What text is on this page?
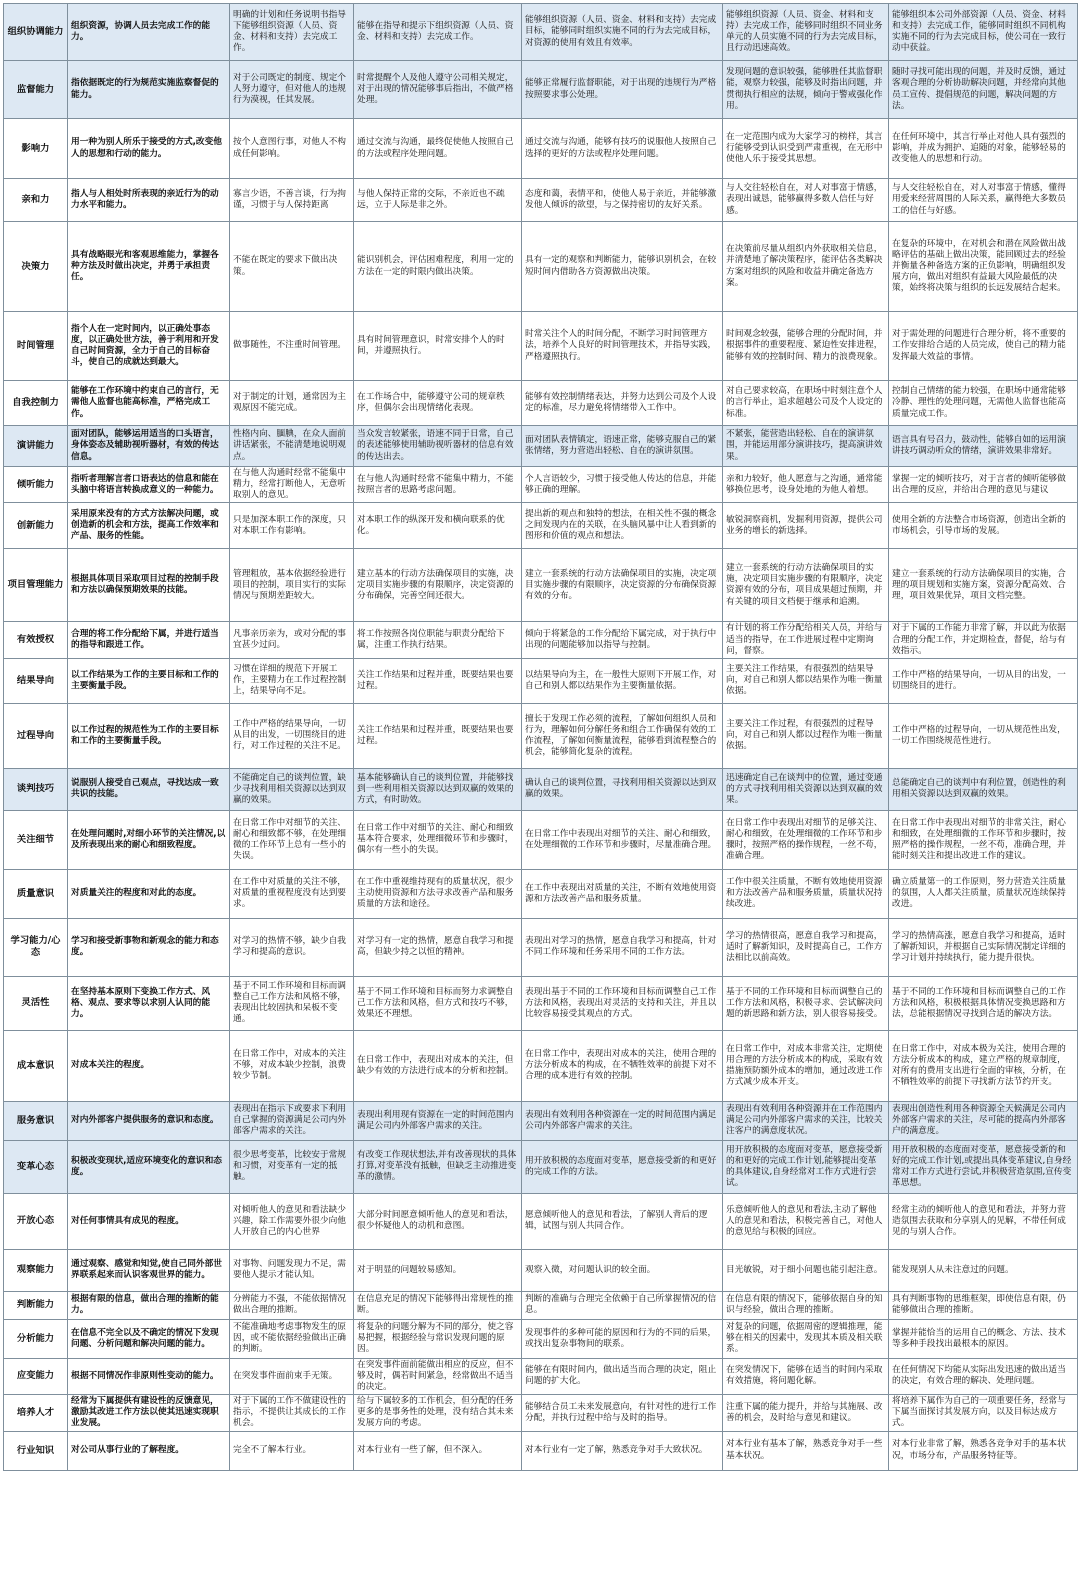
组织协调能力	组织资源，协调人员去完成工作的能力。	明确的计划和任务说明书指导下能够组织资源（人员、资金、材料和支持）去完成工作。	能够在指导和提示下组织资源（人员、资金、材料和支持）去完成工作。	能够组织资源（人员、资金、材料和支持）去完成目标，能够同时组织实施不同的行为去完成目标，对资源的使用有效且有效率。	能够组织资源（人员、资金、材料和支持）去完成工作，能够同时组织不同业务单元的人员实施不同的行为去完成目标，且行动迅速高效。	能够组织本公司外部资源（人员、资金、材料和支持）去完成工作，能够同时组织不同机构实施不同的行为去完成目标，使公司在一致行动中获益。
监督能力	指依据既定的行为规范实施监察督促的能力。	对于公司既定的制度、规定个人努力遵守，但对他人的违规行为漠视，任其发展。	时常提醒个人及他人遵守公司相关规定，对于出现的情况能够事后指出，不做严格处理。	能够正常履行监督职能，对于出现的违规行为严格按照要求事公处理。	发现问题的意识较强，能够胜任其监督职能，观察力较强，能够及时指出问题，并贯彻执行相应的法规，倾向于警戒强化作用。	随时寻找可能出现的问题，并及时反馈，通过客观合理的分析协助解决问题，并经常向其他员工宣传、提倡规范的问题，解决问题的方法。
影响力	用一种为别人所乐于接受的方式,改变他人的思想和行动的能力。	按个人意图行事，对他人不构成任何影响。	通过交流与沟通，最终促使他人按照自己的方法或程序处理问题。	通过交流与沟通，能够有技巧的说服他人按照自己选择的更好的方法或程序处理问题。	在一定范围内成为大家学习的榜样，其言行能够受到认识受到严肃重视，在无形中使他人乐于接受其思想。	在任何环境中，其言行举止对他人具有强烈的影响，并成为拥护、追随的对象，能够轻易的改变他人的思想和行动。
亲和力	指人与人相处时所表现的亲近行为的动力水平和能力。	寡言少语，不善言谈，行为拘谨，习惯于与人保持距离	与他人保持正常的交际，不亲近也不疏远，立于人际是非之外。	态度和蔼，表情平和，使他人易于亲近，并能够激发他人倾诉的欲望，与之保持密切的友好关系。	与人交往轻松自在，对人对事富于情感，表现出诚恳，能够赢得多数人信任与好感。	与人交往轻松自在，对人对事富于情感，懂得用爱来经营周围的人际关系，赢得绝大多数员工的信任与好感。
决策力	具有战略眼光和客观思维能力，掌握各种方法及时做出决定，并勇于承担责任。	不能在既定的要求下做出决策。	能识别机会，评估困难程度，利用一定的方法在一定的时限内做出决策。	具有一定的观察和判断能力，能够识别机会，在较短时间内借助各方资源做出决策。	在决策前尽量从组织内外获取相关信息，并清楚地了解决策程序，能评估各类解决方案对组织的风险和收益并确定备选方案。	在复杂的环境中，在对机会和潜在风险做出战略评估的基础上做出决策，能回顾过去的经验并衡量各种备选方案的正负影响，明确组织发展方向，做出对组织有益最大风险最低的决策，始终将决策与组织的长远发展结合起来。
时间管理	指个人在一定时间内，以正确处事态度，以正确处世方法，善于利用和开发自己时间资源，全力于自己的目标奋斗，使自己的成就达到最大。	做事随性，不注重时间管理。	具有时间管理意识，时常安排个人的时间，并遵照执行。	时常关注个人的时间分配，不断学习时间管理方法，培养个人良好的时间管理技术，并指导实践，严格遵照执行。	时间观念较强，能够合理的分配时间，并根据事件的重要程度、紧迫性安排进程，能够有效的控制时间、精力的浪费现象。	对于需处理的问题进行合理分析，将不重要的工作安排给合适的人员完成，使自己的精力能发挥最大效益的事情。
自我控制力	能够在工作环境中约束自己的言行，无需他人监督也能高标准，严格完成工作。	对于制定的计划，通常因为主观原因不能完成。	在工作场合中，能够遵守公司的规章秩序，但偶尔会出现情绪化表现。	能够有效控制情绪表达，并努力达到公司及个人设定的标准，尽力避免将情绪带入工作中。	对自己要求较高，在职场中时刻注意个人的言行举止，追求超越公司及个人设定的标准。	控制自己情绪的能力较强，在职场中通常能够冷静、理性的处理问题，无需他人监督也能高质量完成工作。
演讲能力	面对团队，能够运用适当的口头语言，身体姿态及辅助视听器材，有效的传达信息。	性格内向、腼腆，在众人面前讲话紧张，不能清楚地说明观点。	当众发言较紧张，语速不同于日常，自己的表述能够使用辅助视听器材的信息有效的传达出去。	面对团队表情镇定，语速正常，能够克服自己的紧张情绪，努力营造出轻松、自在的演讲氛围。	不紧张，能营造出轻松、自在的演讲氛围，并能运用部分演讲技巧，提高演讲效果。	语言具有号召力，鼓动性，能够自如的运用演讲技巧调动听众的情绪，演讲效果非常好。
倾听能力	指听者理解言者口语表达的信息和能在头脑中将语言转换成意义的一种能力。	在与他人沟通时经常不能集中精力，经常打断他人，无意听取别人的意见。	在与他人沟通时经常不能集中精力，不能按照言者的思路考虑问题。	个人言语较少，习惯于接受他人传达的信息，并能够正确的理解。	亲和力较好，他人愿意与之沟通，通常能够换位思考，设身处地的为他人着想。	掌握一定的倾听技巧，对于言者的倾听能够做出合理的反应，并给出合理的意见与建议
创新能力	采用原来没有的方式方法解决问题，或创造新的机会和方法，提高工作效率和产品、服务的性能。	只是加深本职工作的深度，只对本职工作有影响。	对本职工作的纵深开发和横向联系的优化。	提出新的观点和独特的想法，在相关性不强的概念之间发现内在的关联，在头脑风暴中让人看到新的图形和价值的观点和想法。	敏锐洞察商机，发掘利用资源，提供公司业务的增长的新选择。	使用全新的方法整合市场资源，创造出全新的市场机会，引导市场的发展。
项目管理能力	根据具体项目采取项目过程的控制手段和方法以确保预期效果的技能。	管理粗放，基本依据经验进行项目的控制，项目实行的实际情况与预期差距较大。	建立基本的行动方法确保项目的实施，决定项目实施步骤的有限顺序，决定资源的分布确保，完善空间还很大。	建立一套系统的行动方法确保项目的实施，决定项目实施步骤的有限顺序，决定资源的分布确保资源有效的分布。	建立一套系统的行动方法确保项目的实施，决定项目实施步骤的有限顺序，决定资源有效的分布，项目成果超过预期，并有关键的项目文档便于继承和追溯。	建立一套系统的行动方法确保项目的实施，合理的项目规划和实施方案，资源分配高效、合理，项目效果优异，项目文档完整。
有效授权	合理的将工作分配给下属，并进行适当的指导和跟进工作。	凡事亲历亲为，或对分配的事宜甚少过问。	将工作按照各岗位职能与职责分配给下属，注重工作执行结果。	倾向于将紧急的工作分配给下属完成，对于执行中出现的问题能够加以指导与控制。	有计划的将工作分配给相关人员，并给与适当的指导，在工作进展过程中定期询问，督察。	对于下属的工作能力非常了解，并以此为依据合理的分配工作，并定期检查，督促，给与有效指示。
结果导向	以工作结果为工作的主要目标和工作的主要衡量手段。	习惯在详细的规范下开展工作，主要精力在工作过程控制上，结果导向不足。	关注工作结果和过程并重，既要结果也要过程。	以结果导向为主，在一般性大原则下开展工作，对自己和别人都以结果作为主要衡量依据。	主要关注工作结果，有很强烈的结果导向，对自己和别人都以结果作为唯一衡量依据。	工作中严格的结果导向，一切从目的出发，一切围绕目的进行。
过程导向	以工作过程的规范性为工作的主要目标和工作的主要衡量手段。	工作中严格的结果导向，一切从目的出发，一切围绕目的进行，对工作过程的关注不足。	关注工作结果和过程并重，既要结果也要过程。	擅长于发现工作必须的流程，了解如何组织人员和行为，理解如何分解任务和组合工作确保有效的工作流程，了解如何衡量流程，能够看到流程整合的机会，能够简化复杂的流程。	主要关注工作过程，有很强烈的过程导向，对自己和别人都以过程作为唯一衡量依据。	工作中严格的过程导向，一切从规范性出发，一切工作围绕规范性进行。
谈判技巧	说服别人接受自己观点，寻找达成一致共识的技能。	不能确定自己的谈判位置，缺少寻找利用相关资源以达到双赢的效果。	基本能够确认自己的谈判位置，并能够找到一些利用相关资源以达到双赢的效果的方式，有时助效。	确认自己的谈判位置，寻找利用相关资源以达到双赢的效果。	迅速确定自己在谈判中的位置，通过变通的方式寻找利用相关资源以达到双赢的效果。	总能确定自己的谈判中有利位置，创造性的利用相关资源以达到双赢的效果。
关注细节	在处理问题时,对细小环节的关注情况,以及所表现出来的耐心和细致程度。	在日常工作中对细节的关注、耐心和细致都不够，在处理细微的工作环节上总有一些小的失误。	在日常工作中对细节的关注、耐心和细致基本符合要求，处理细微环节和步骤时，偶尔有一些小的失误。	在日常工作中表现出对细节的关注、耐心和细致，在处理细微的工作环节和步骤时，尽量准确合理。	在日常工作中表现出对细节的足够关注、耐心和细致，在处理细微的工作环节和步骤时，按照严格的操作规程，一丝不苟，准确合理。	在日常工作中表现出对细节的非常关注，耐心和细致，在处理细微的工作环节和步骤时，按照严格的操作规程，一丝不苟，准确合理，并能时刻关注和提出改进工作的建议。
质量意识	对质量关注的程度和对此的态度。	在工作中对质量的关注不够，对质量的重视程度没有达到要求。	在工作中重视维持现有的质量状况，很少主动使用资源和方法寻求改善产品和服务质量的方法和途径。	在工作中表现出对质量的关注，不断有效地使用资源和方法改善产品和服务质量。	工作中很关注质量，不断有效地使用资源和方法改善产品和服务质量，质量状况持续改进。	确立质量第一的工作原则，努力营造关注质量的氛围，人人都关注质量，质量状况连续保持改进。
学习能力/心态	学习和接受新事物和新观念的能力和态度。	对学习的热情不够，缺少自我学习和提高的意识。	对学习有一定的热情，愿意自我学习和提高，但缺少持之以恒的精神。	表现出对学习的热情，愿意自我学习和提高，针对不同工作环境和任务采用不同的工作方法。	学习的热情很高，愿意自我学习和提高，适时了解新知识，及时提高自己，工作方法相比以前高效。	学习的热情高涨，愿意自我学习和提高，适时了解新知识，并根据自己实际情况制定详细的学习计划并持续执行，能力提升很快。
灵活性	在坚持基本原则下变换工作方式、风格、观点、要求等以求别人认同的能力。	基于不同工作环境和目标而调整自己工作方法和风格不够，表现出比较固执和呆板不变通。	基于不同工作环境和目标而努力求调整自己工作方法和风格，但方式和技巧不够，效果还不理想。	表现出基于不同的工作环境和目标而调整自己工作方法和风格，表现出对灵活的支持和关注，并且以比较容易接受其观点的方式。	基于不同的工作环境和目标而调整自己的工作方法和风格，积极寻求、尝试解决问题的新思路和新方法，别人很容易接受。	基于不同的工作环境和目标而调整自己的工作方法和风格，积极根据具体情况变换思路和方法，总能根据情况寻找到合适的解决方法。
成本意识	对成本关注的程度。	在日常工作中，对成本的关注不够，对成本缺少控制，浪费较少节制。	在日常工作中，表现出对成本的关注，但缺少有效的方法进行成本的分析和控制。	在日常工作中，表现出对成本的关注，使用合理的方法分析成本的构成，在不牺牲效率的前提下对不合理的成本进行有效的控制。	在日常工作中，对成本非常关注，定期使用合理的方法分析成本的构成，采取有效措施预防额外成本的增加，通过改进工作方式减少成本开支。	在日常工作中，对成本极为关注，使用合理的方法分析成本的构成，建立严格的规章制度，对所有的费用支出进行全面的审核，分析，在不牺牲效率的前提下寻找新方法节约开支。
服务意识	对内外部客户提供服务的意识和态度。	表现出在指示下或要求下利用自己掌握的资源满足公司内外部客户需求的关注。	表现出利用现有资源在一定的时间范围内满足公司内外部客户需求的关注。	表现出有效利用各种资源在一定的时间范围内满足公司内外部客户需求的关注。	表现出有效利用各种资源并在工作范围内满足公司内外部客户需求的关注，比较关注客户的满意度状况。	表现出创造性利用各种资源全天候满足公司内外部客户需求的关注，尽可能的提高内外部客户的满意度。
变革心态	积极改变现状,适应环境变化的意识和态度。	很少思考变革，比较安于常规和习惯，对变革有一定的抵触。	有改变工作现状想法,并有改善现状的具体打算,对变革没有抵触，但缺乏主动推进变革的激情。	用开放积极的态度面对变革，愿意接受新的和更好的完成工作的方法。	用开放积极的态度面对变革，愿意接受新的和更好的完成工作计划,能够提出变革的具体建议,自身经常对工作方式进行尝试。	用开放积极的态度面对变革，愿意接受新的和好的完成工作计划,或提出具体变革建议,自身经常对工作方式进行尝试,并积极营造氛围,宣传变革思想。
开放心态	对任何事情具有成见的程度。	对倾听他人的意见和看法缺少兴趣，除工作需要外很少向他人开放自己的内心世界	大部分时间愿意倾听他人的意见和看法，很少怀疑他人的动机和意图。	愿意倾听他人的意见和看法，了解别人背后的逻辑，试图与别人共同合作。	乐意倾听他人的意见和看法,主动了解他人的意见和看法，积极完善自己，对他人的意见给与积极的回应。	经常主动的倾听他人的意见和看法，并努力营造氛围去获取和分享别人的见解，不带任何成见的与别人合作。
观察能力	通过观察、感觉和知觉,使自己同外部世界联系起来而认识客观世界的能力。	对事物、问题发现力不足，需要他人提示才能认知。	对于明显的问题较易感知。	观察入微，对问题认识的较全面。	目光敏锐，对于细小问题也能引起注意。	能发现别人从未注意过的问题。
判断能力	根据有限的信息，做出合理的推断的能力。	分辨能力不强，不能依据情况做出合理的推断。	在信息充足的情况下能够得出常规性的推断。	判断的准确与合理完全依赖于自己所掌握情况的信息。	在信息有限的情况下，能够依据自身的知识与经验，做出合理的推断。	具有判断事物的思维框架，即使信息有限，仍能够做出合理的推断。
分析能力	在信息不完全以及不确定的情况下发现问题、分析问题和解决问题的能力。	不能准确地考虑事物发生的原因，或不能依据经验做出正确的判断。	将复杂的问题分解为不同的部分，使之容易把握，根据经验与常识发现问题的原因。	发现事件的多种可能的原因和行为的不同的后果，或找出复杂事物间的联系。	对复杂的问题，依据周密的逻辑推理，能够在相关的因素中，发现其本质及相关联系。	掌握并能恰当的运用自己的概念、方法、技术等多种手段找出最根本的原因。
应变能力	根据不同情况作非原则性变动的能力。	在突发事件面前束手无策。	在突发事件面前能做出相应的反应，但不够及时，偶若时间紧急，经常做出不适当的决定。	能够在有限时间内，做出适当而合理的决定，阻止问题的扩大化。	在突发情况下，能够在适当的时间内采取有效措施，将问题化解。	在任何情况下均能从实际出发迅速的做出适当的决定，有效合理的解决、处理问题。
培养人才	经常为下属提供有建设性的反馈意见，激励其改进工作方法以使其迅速实现职业发展。	对于下属的工作不做建设性的指示，不提供让其成长的工作机会。	给与下属较多的工作机会，但分配的任务更多的是事务性的处理，没有结合其未来发展方向的考虑。	能够结合员工未来发展意向，有针对性的进行工作分配，并执行过程中给与及时的指导。	注重下属的能力提升，并给与其施展、改善的机会，及时给与意见和建议。	将培养下属作为自己的一项重要任务，经常与下属当面探讨其发展方向，以及目标达成方式。
行业知识	对公司从事行业的了解程度。	完全不了解本行业。	对本行业有一些了解，但不深入。	对本行业有一定了解，熟悉竞争对手大致状况。	对本行业有基本了解，熟悉竞争对手一些基本状况。	对本行业非常了解，熟悉各竞争对手的基本状况，市场分布，产品服务特征等。
